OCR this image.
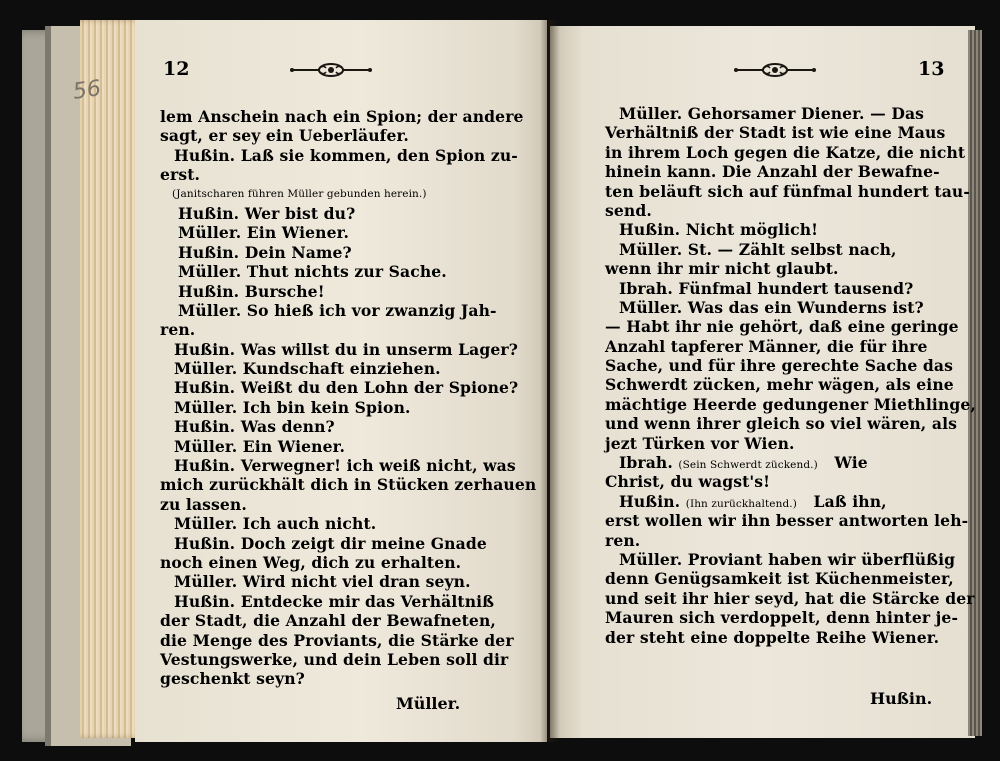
56
12	13
lem Anschein nach ein Spion; der andere
sagt, er sey ein Ueberläufer.
Hußin. Laß sie kommen, den Spion zu-
erst.
(Janitscharen führen Müller gebunden herein.)
Hußin. Wer bist du?
Müller. Ein Wiener.
Hußin. Dein Name?
Müller. Thut nichts zur Sache.
Hußin. Bursche!
Müller. So hieß ich vor zwanzig Jah-
ren.
Hußin. Was willst du in unserm Lager?
Müller. Kundschaft einziehen.
Hußin. Weißt du den Lohn der Spione?
Müller. Ich bin kein Spion.
Hußin. Was denn?
Müller. Ein Wiener.
Hußin. Verwegner! ich weiß nicht, was
mich zurückhält dich in Stücken zerhauen
zu lassen.
Müller. Ich auch nicht.
Hußin. Doch zeigt dir meine Gnade
noch einen Weg, dich zu erhalten.
Müller. Wird nicht viel dran seyn.
Hußin. Entdecke mir das Verhältniß
der Stadt, die Anzahl der Bewafneten,
die Menge des Proviants, die Stärke der
Vestungswerke, und dein Leben soll dir
geschenkt seyn?
Müller.
Müller. Gehorsamer Diener. — Das
Verhältniß der Stadt ist wie eine Maus
in ihrem Loch gegen die Katze, die nicht
hinein kann. Die Anzahl der Bewafne-
ten beläuft sich auf fünfmal hundert tau-
send.
Hußin. Nicht möglich!
Müller. St. — Zählt selbst nach,
wenn ihr mir nicht glaubt.
Ibrah. Fünfmal hundert tausend?
Müller. Was das ein Wunderns ist?
— Habt ihr nie gehört, daß eine geringe
Anzahl tapferer Männer, die für ihre
Sache, und für ihre gerechte Sache das
Schwerdt zücken, mehr wägen, als eine
mächtige Heerde gedungener Miethlinge,
und wenn ihrer gleich so viel wären, als
jezt Türken vor Wien.
Ibrah. (Sein Schwerdt zückend.)   Wie
Christ, du wagst's!
Hußin. (Ihn zurückhaltend.)   Laß ihn,
erst wollen wir ihn besser antworten leh-
ren.
Müller. Proviant haben wir überflüßig
denn Genügsamkeit ist Küchenmeister,
und seit ihr hier seyd, hat die Stärcke der
Mauren sich verdoppelt, denn hinter je-
der steht eine doppelte Reihe Wiener.
Hußin.
